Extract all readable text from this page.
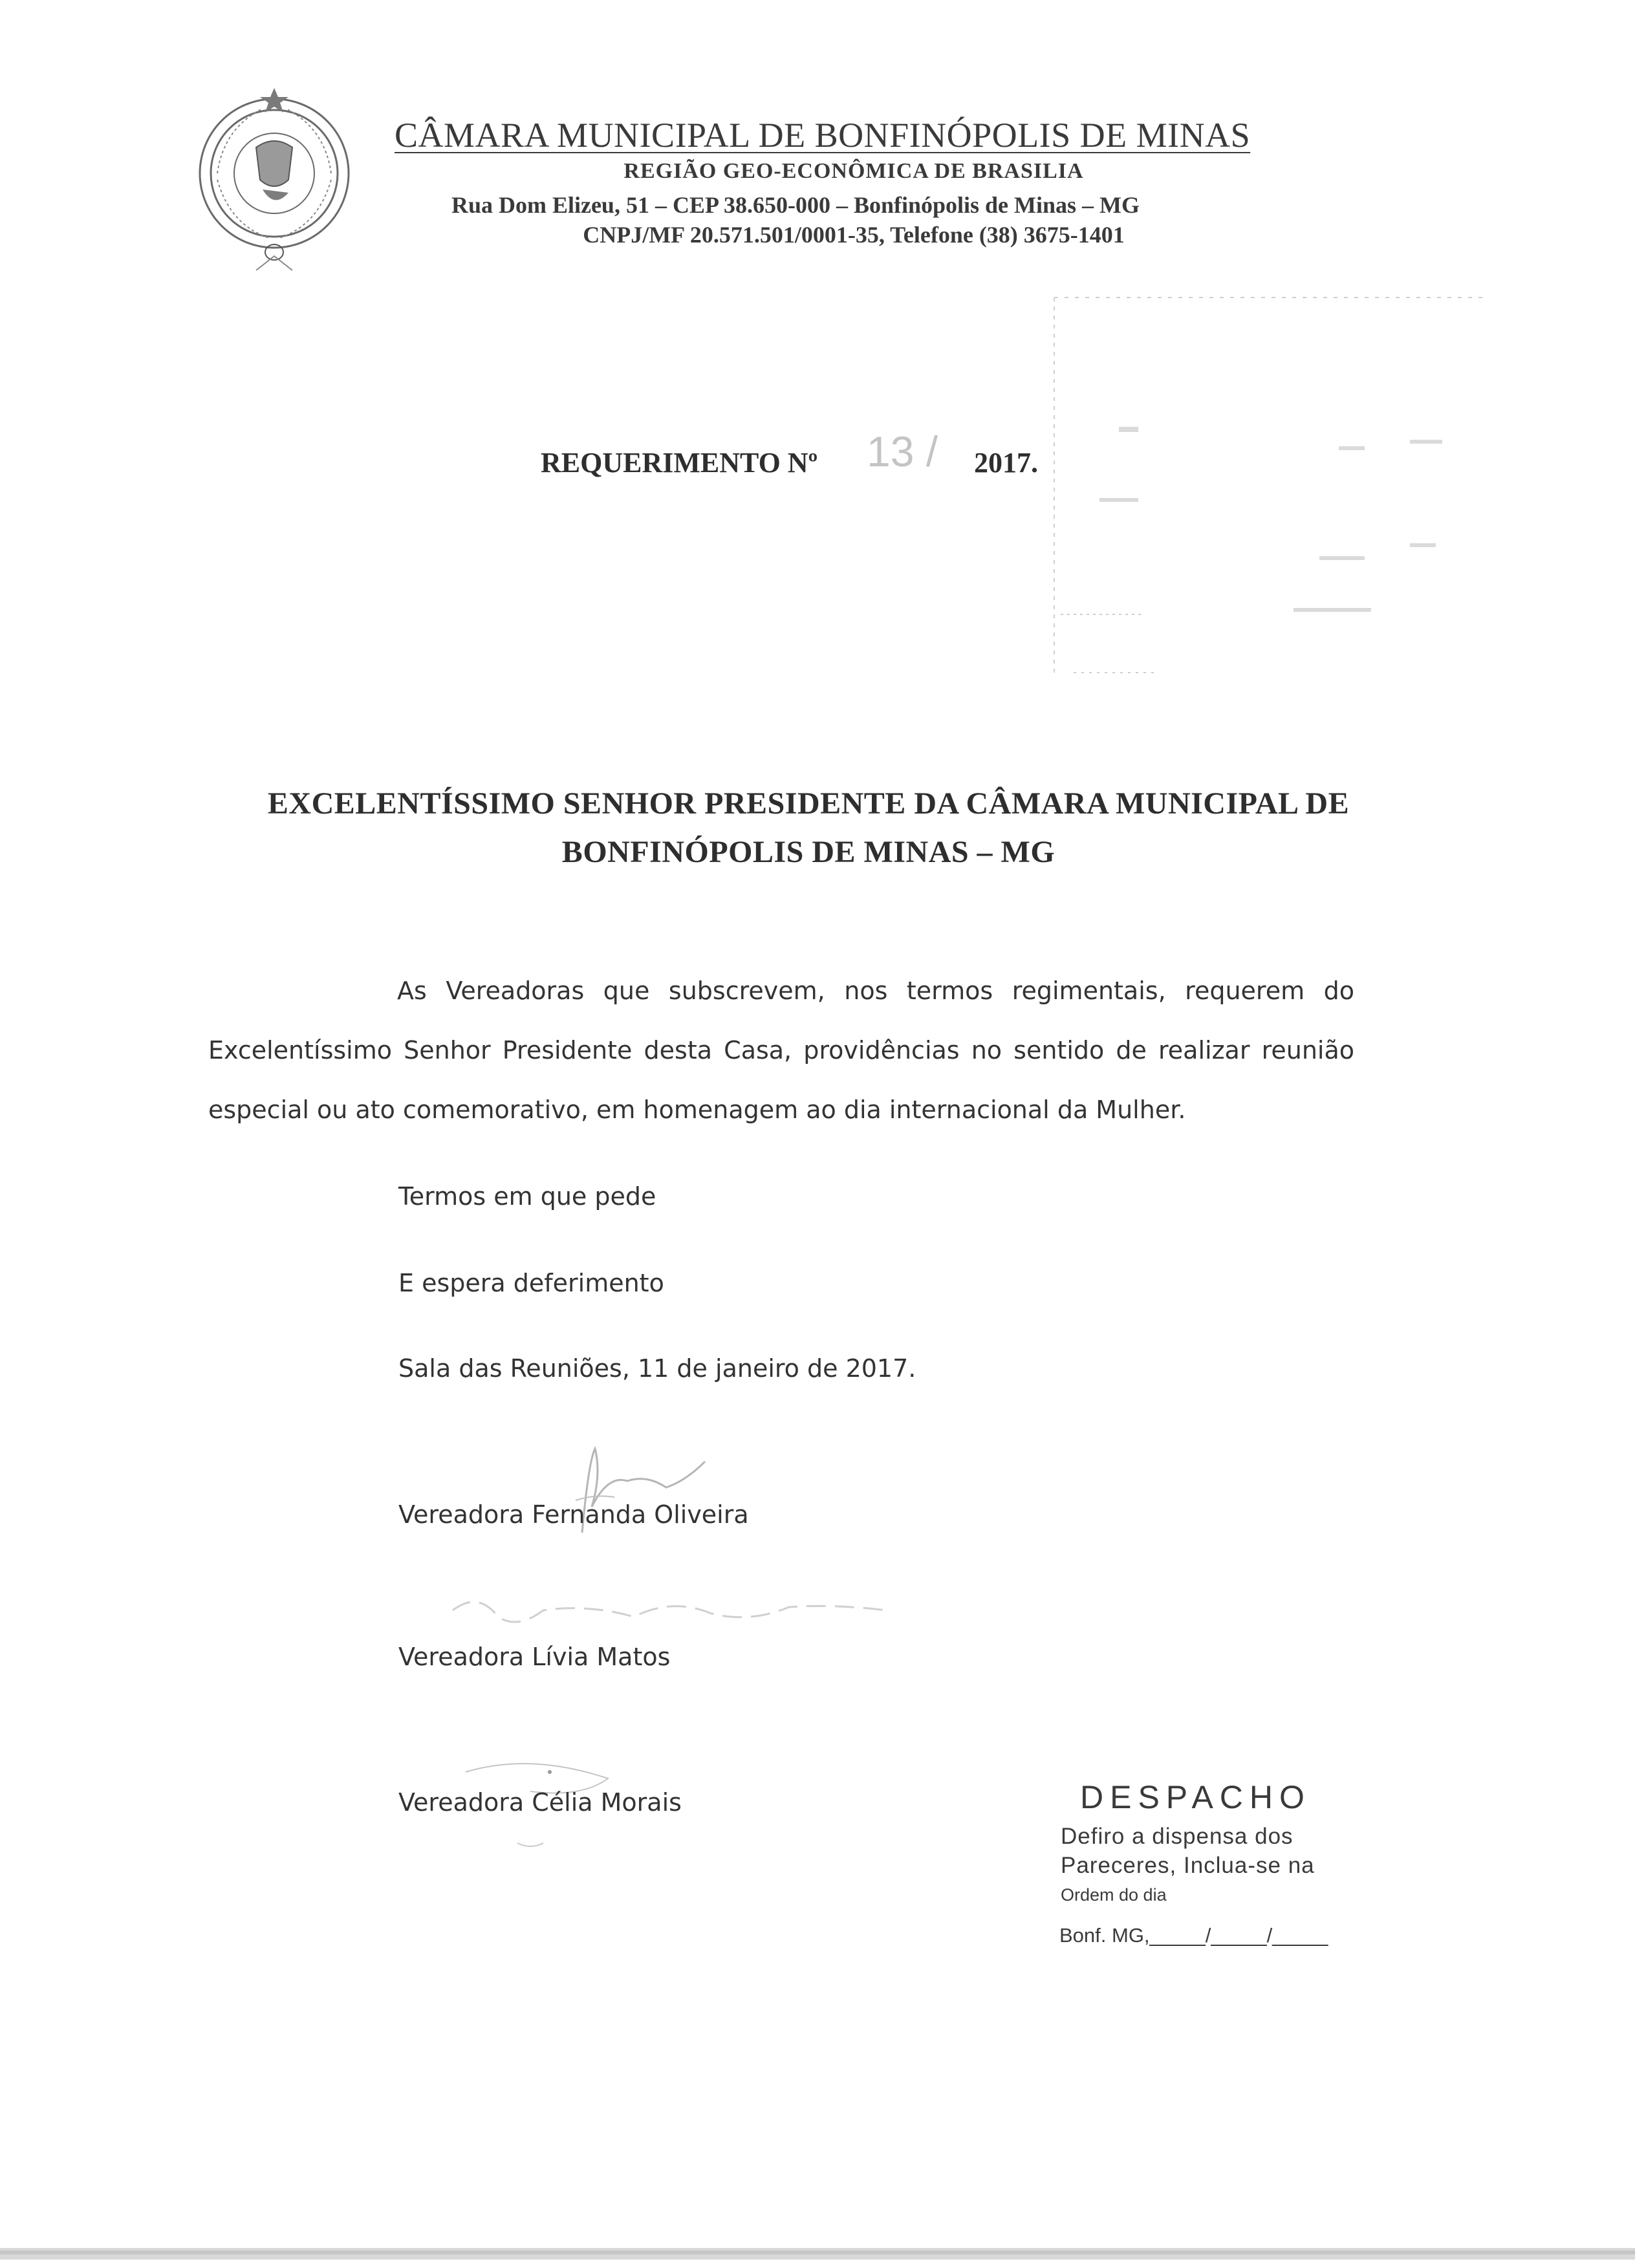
CÂMARA MUNICIPAL DE BONFINÓPOLIS DE MINAS
REGIÃO GEO-ECONÔMICA DE BRASILIA
Rua Dom Elizeu, 51 – CEP 38.650-000 – Bonfinópolis de Minas – MG
CNPJ/MF 20.571.501/0001-35, Telefone (38) 3675-1401
REQUERIMENTO Nº 13 / 2017.
EXCELENTÍSSIMO SENHOR PRESIDENTE DA CÂMARA MUNICIPAL DE
BONFINÓPOLIS DE MINAS – MG
As Vereadoras que subscrevem, nos termos regimentais, requerem do
Excelentíssimo Senhor Presidente desta Casa, providências no sentido de realizar reunião
especial ou ato comemorativo, em homenagem ao dia internacional da Mulher.
Termos em que pede
E espera deferimento
Sala das Reuniões, 11 de janeiro de 2017.
Vereadora Fernanda Oliveira
Vereadora Lívia Matos
Vereadora Célia Morais	DESPACHO
Defiro a dispensa dos
Pareceres, Inclua-se na
Ordem do dia
Bonf. MG,_____/_____/_____
